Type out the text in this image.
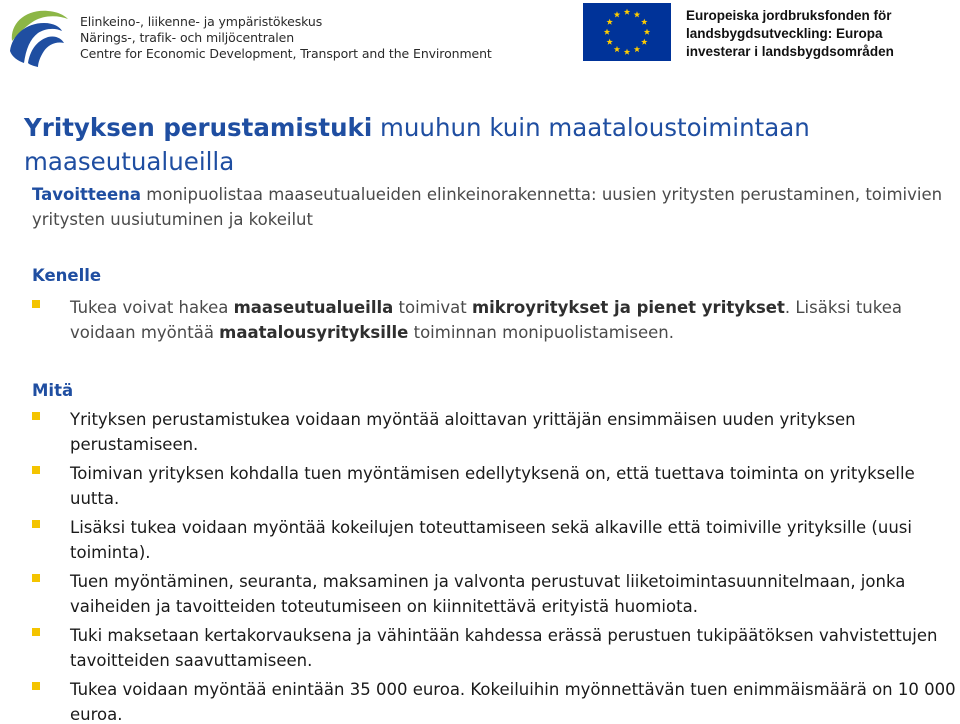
Elinkeino-, liikenne- ja ympäristökeskus
Närings-, trafik- och miljöcentralen
Centre for Economic Development, Transport and the Environment
Europeiska jordbruksfonden för
landsbygdsutveckling: Europa
investerar i landsbygdsområden
Yrityksen perustamistuki muuhun kuin maataloustoimintaan maaseutualueilla

Tavoitteena monipuolistaa maaseutualueiden elinkeinorakennetta: uusien yritysten perustaminen, toimivien yritysten uusiutuminen ja kokeilut

Kenelle
Tukea voivat hakea maaseutualueilla toimivat mikroyritykset ja pienet yritykset. Lisäksi tukea voidaan myöntää maatalousyrityksille toiminnan monipuolistamiseen.
Mitä
Yrityksen perustamistukea voidaan myöntää aloittavan yrittäjän ensimmäisen uuden yrityksen perustamiseen.
Toimivan yrityksen kohdalla tuen myöntämisen edellytyksenä on, että tuettava toiminta on yritykselle uutta.
Lisäksi tukea voidaan myöntää kokeilujen toteuttamiseen sekä alkaville että toimiville yrityksille (uusi toiminta).
Tuen myöntäminen, seuranta, maksaminen ja valvonta perustuvat liiketoimintasuunnitelmaan, jonka vaiheiden ja tavoitteiden toteutumiseen on kiinnitettävä erityistä huomiota.
Tuki maksetaan kertakorvauksena ja vähintään kahdessa erässä perustuen tukipäätöksen vahvistettujen tavoitteiden saavuttamiseen.
Tukea voidaan myöntää enintään 35 000 euroa. Kokeiluihin myönnettävän tuen enimmäismäärä on 10 000 euroa.
